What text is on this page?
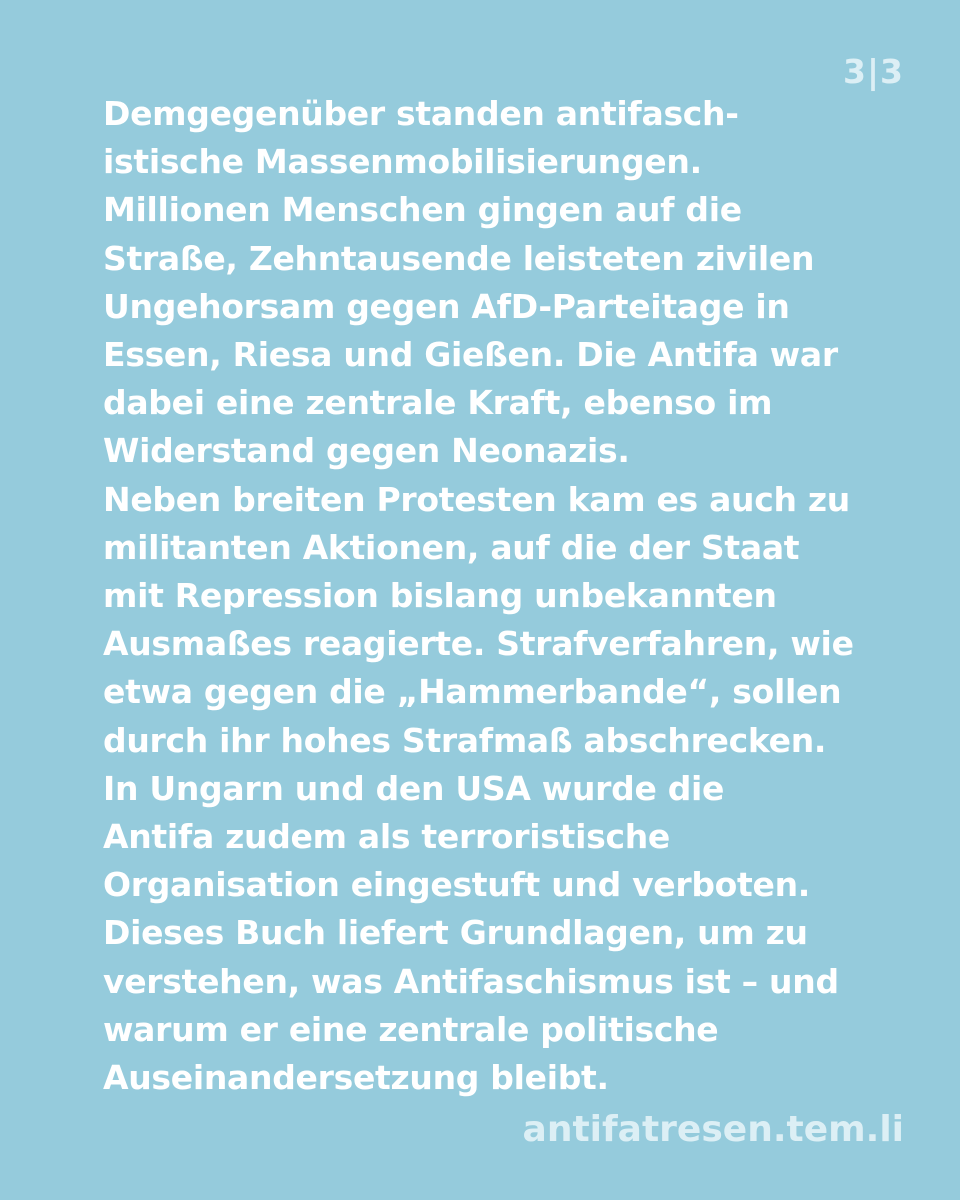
3|3

Demgegenüber standen antifasch-
istische Massenmobilisierungen.
Millionen Menschen gingen auf die
Straße, Zehntausende leisteten zivilen
Ungehorsam gegen AfD-Parteitage in
Essen, Riesa und Gießen. Die Antifa war
dabei eine zentrale Kraft, ebenso im
Widerstand gegen Neonazis.
Neben breiten Protesten kam es auch zu
militanten Aktionen, auf die der Staat
mit Repression bislang unbekannten
Ausmaßes reagierte. Strafverfahren, wie
etwa gegen die „Hammerbande“, sollen
durch ihr hohes Strafmaß abschrecken.
In Ungarn und den USA wurde die
Antifa zudem als terroristische
Organisation eingestuft und verboten.
Dieses Buch liefert Grundlagen, um zu
verstehen, was Antifaschismus ist – und
warum er eine zentrale politische
Auseinandersetzung bleibt.

antifatresen.tem.li
